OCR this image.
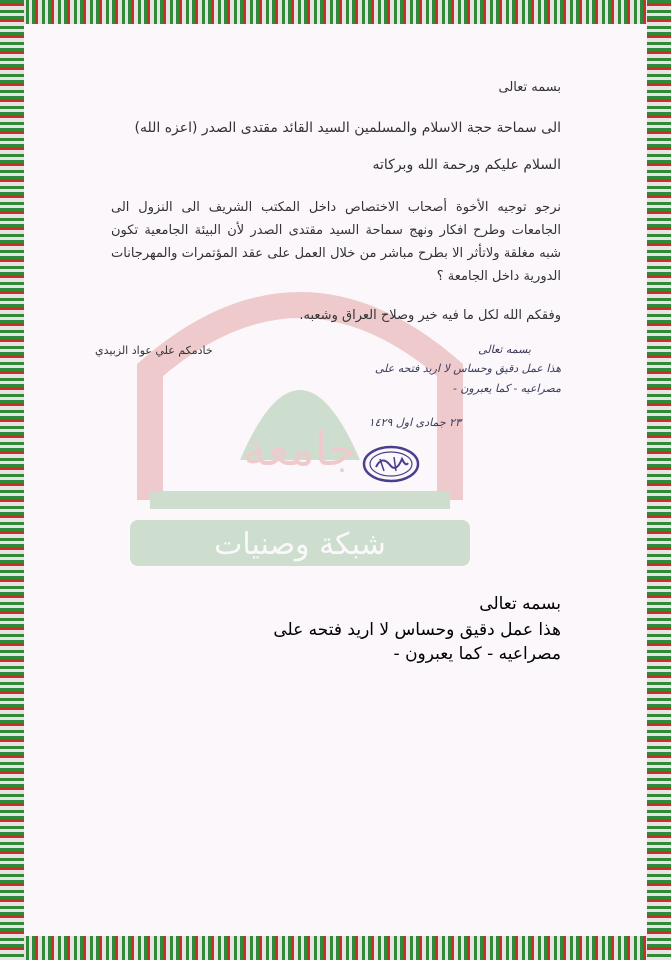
جامعة
شبكة وصنيات
بسمه تعالى
الى سماحة حجة الاسلام والمسلمين السيد القائد مقتدى الصدر (اعزه الله)
السلام عليكم ورحمة الله وبركاته
نرجو توجيه الأخوة أصحاب الاختصاص داخل المكتب الشريف الى النزول الى الجامعات وطرح افكار ونهج سماحة السيد مقتدى الصدر لأن البيئة الجامعية تكون شبه مغلقة ولاتأثر الا بطرح مباشر من خلال العمل على عقد المؤتمرات والمهرجانات الدورية داخل الجامعة ؟
وفقكم الله لكل ما فيه خير وصلاح العراق وشعبه.
خادمكم علي عواد الزبيدي	بسمه تعالى
هذا عمل دقيق وحساس لا اريد فتحه على
مصراعيه - كما يعبرون -
٢٣ جمادى اول ١٤٢٩
بسمه تعالى
هذا عمل دقيق وحساس لا اريد فتحه على
مصراعيه - كما يعبرون -
